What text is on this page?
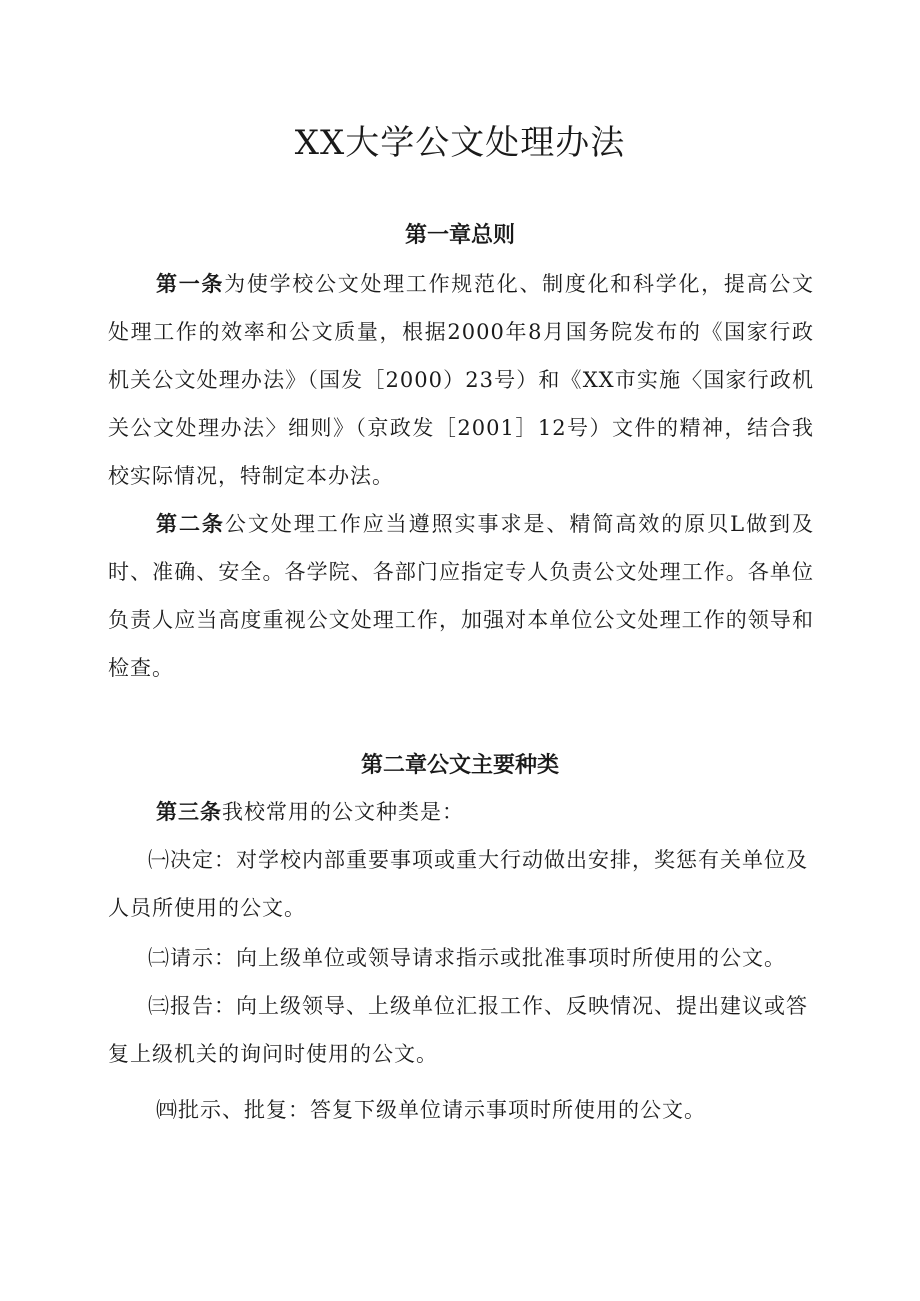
XX大学公文处理办法
第一章总则

第一条为使学校公文处理工作规范化、制度化和科学化，提高公文处理工作的效率和公文质量，根据2000年8月国务院发布的《国家行政机关公文处理办法》（国发［2000）23号）和《XX市实施〈国家行政机关公文处理办法〉细则》（京政发［2001］12号）文件的精神，结合我校实际情况，特制定本办法。

第二条公文处理工作应当遵照实事求是、精简高效的原贝L做到及时、准确、安全。各学院、各部门应指定专人负责公文处理工作。各单位负责人应当高度重视公文处理工作，加强对本单位公文处理工作的领导和检查。

第二章公文主要种类

第三条我校常用的公文种类是：

㈠决定：对学校内部重要事项或重大行动做出安排，奖惩有关单位及人员所使用的公文。

㈡请示：向上级单位或领导请求指示或批准事项时所使用的公文。

㈢报告：向上级领导、上级单位汇报工作、反映情况、提出建议或答复上级机关的询问时使用的公文。

㈣批示、批复：答复下级单位请示事项时所使用的公文。
